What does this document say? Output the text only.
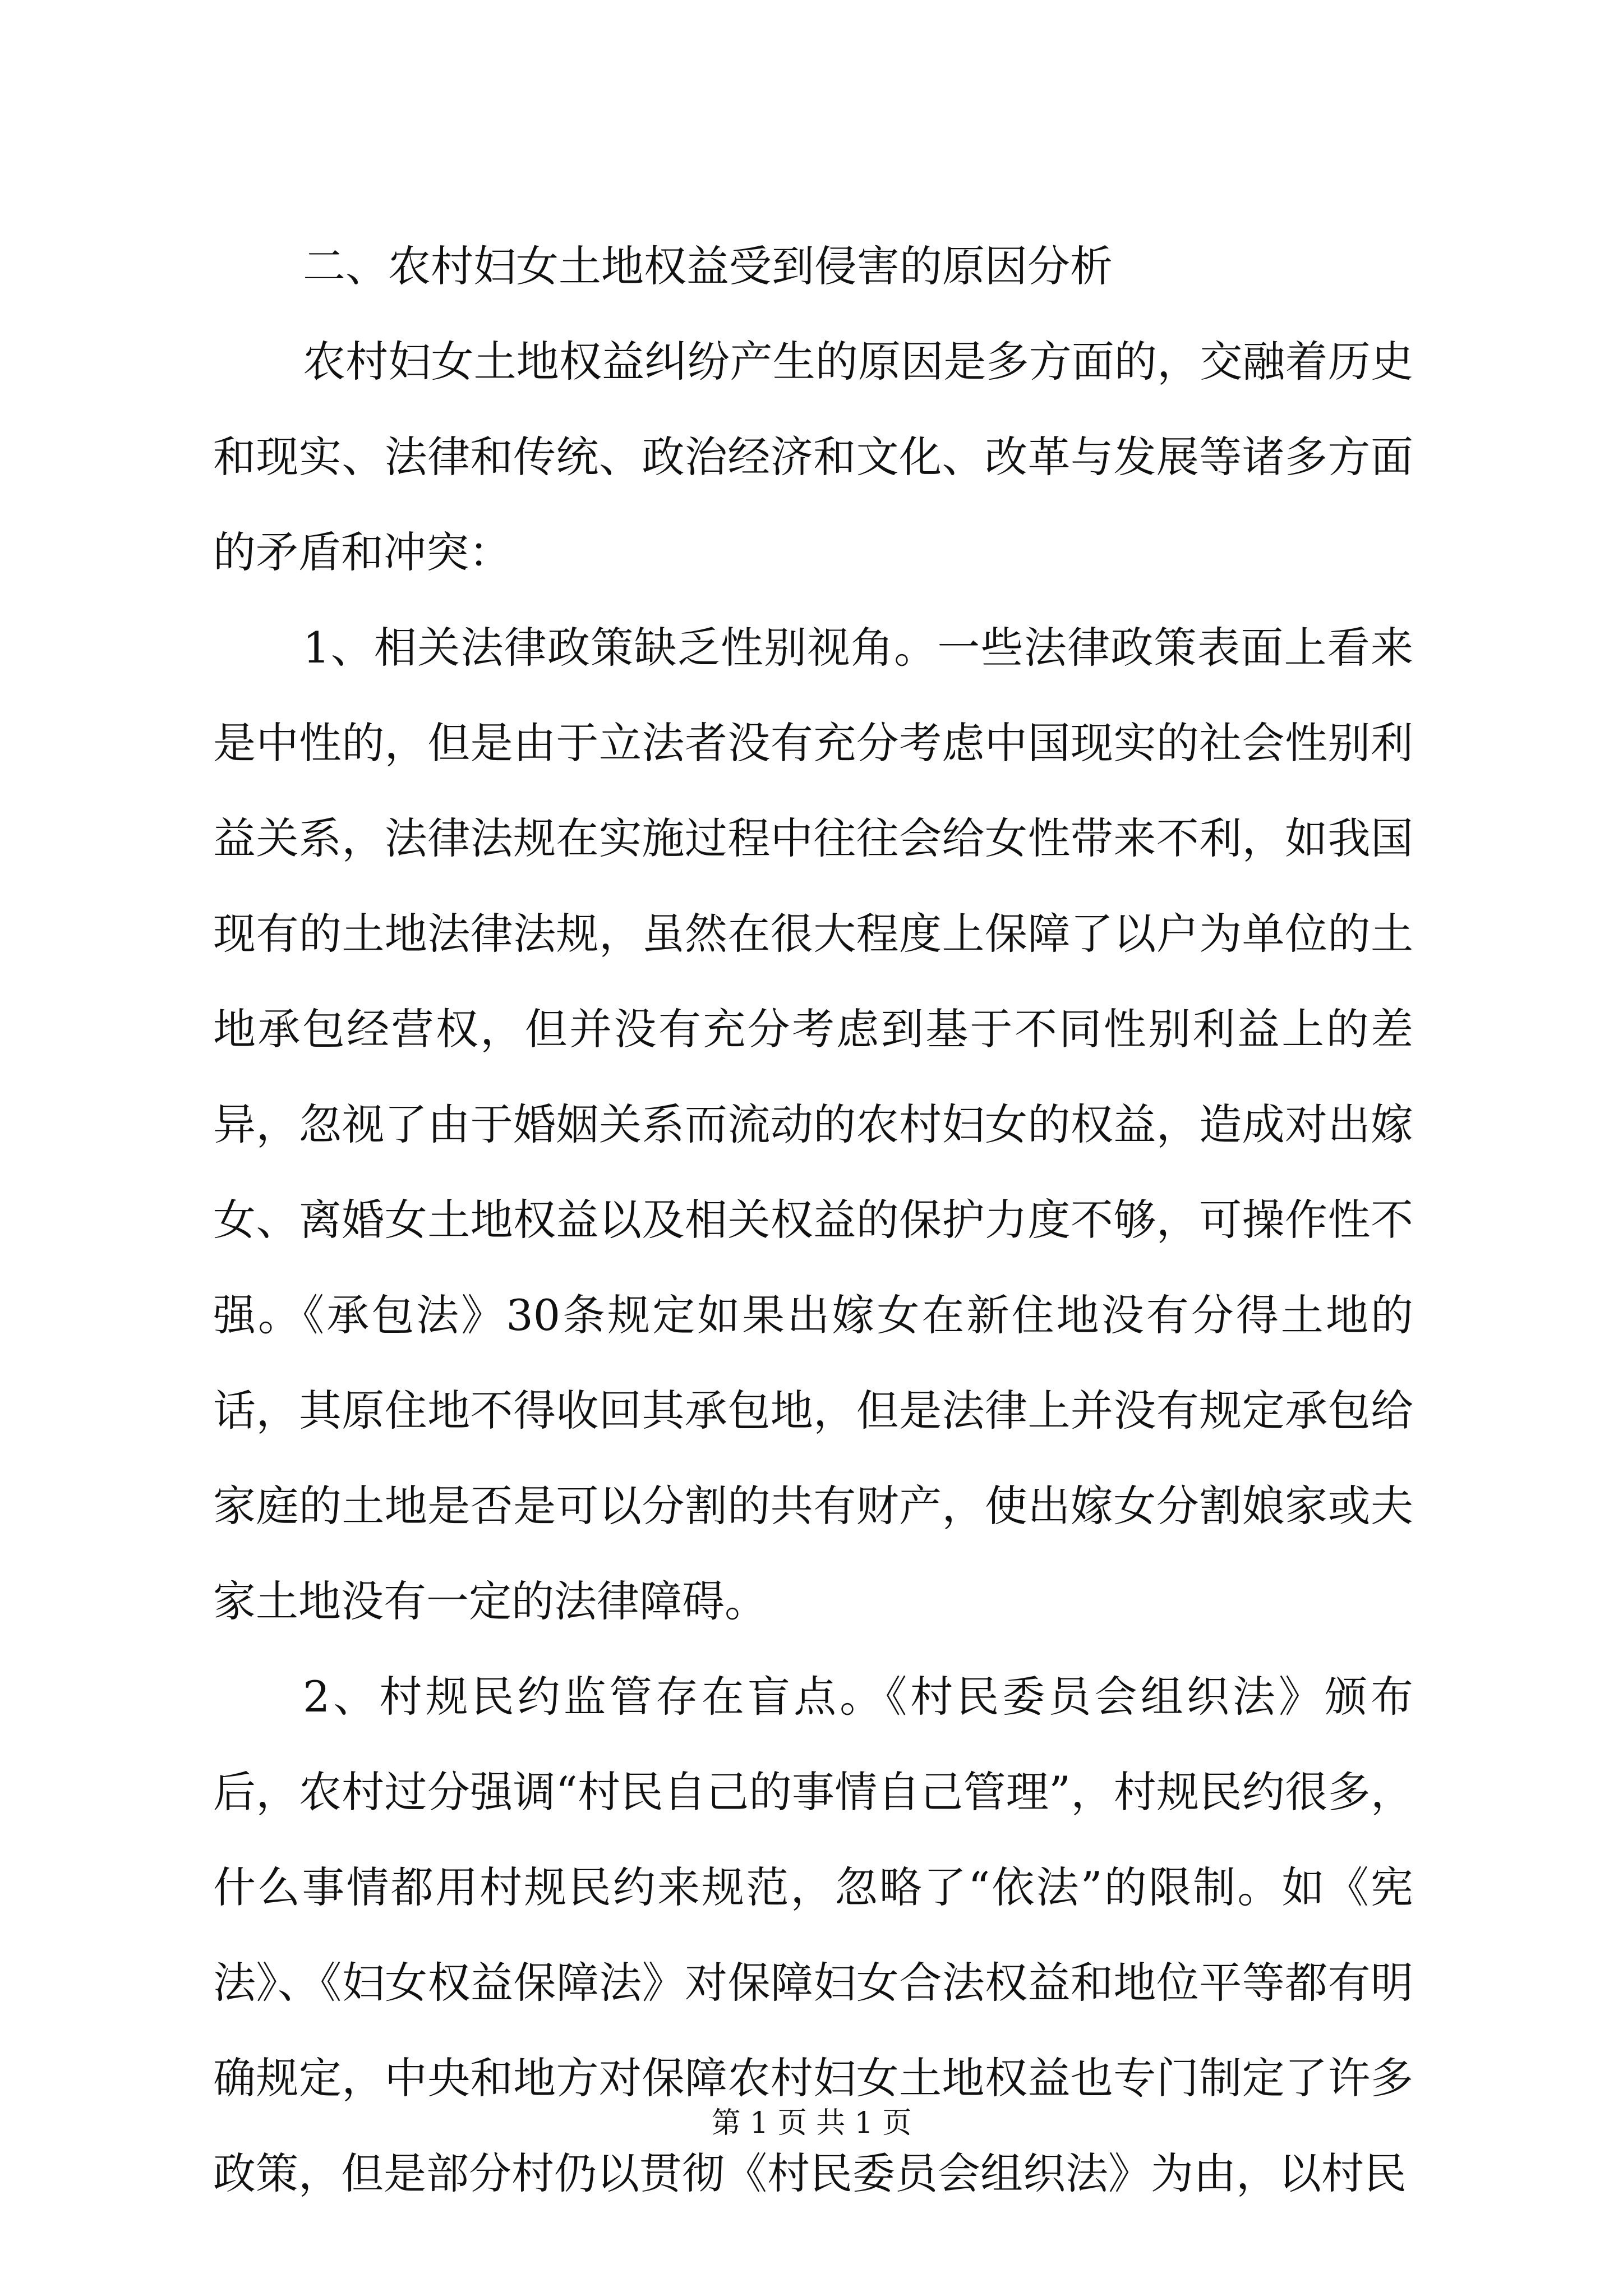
二、农村妇女土地权益受到侵害的原因分析

农村妇女土地权益纠纷产生的原因是多方面的，交融着历史和现实、法律和传统、政治经济和文化、改革与发展等诸多方面的矛盾和冲突：

1、相关法律政策缺乏性别视角。一些法律政策表面上看来是中性的，但是由于立法者没有充分考虑中国现实的社会性别利益关系，法律法规在实施过程中往往会给女性带来不利，如我国现有的土地法律法规，虽然在很大程度上保障了以户为单位的土地承包经营权，但并没有充分考虑到基于不同性别利益上的差异，忽视了由于婚姻关系而流动的农村妇女的权益，造成对出嫁女、离婚女土地权益以及相关权益的保护力度不够，可操作性不强。《承包法》30条规定如果出嫁女在新住地没有分得土地的话，其原住地不得收回其承包地，但是法律上并没有规定承包给家庭的土地是否是可以分割的共有财产，使出嫁女分割娘家或夫家土地没有一定的法律障碍。

2、村规民约监管存在盲点。《村民委员会组织法》颁布后，农村过分强调“村民自己的事情自己管理”，村规民约很多，什么事情都用村规民约来规范，忽略了“依法”的限制。如《宪法》、《妇女权益保障法》对保障妇女合法权益和地位平等都有明确规定，中央和地方对保障农村妇女土地权益也专门制定了许多政策，但是部分村仍以贯彻《村民委员会组织法》为由，以村民

第 1 页 共 1 页
